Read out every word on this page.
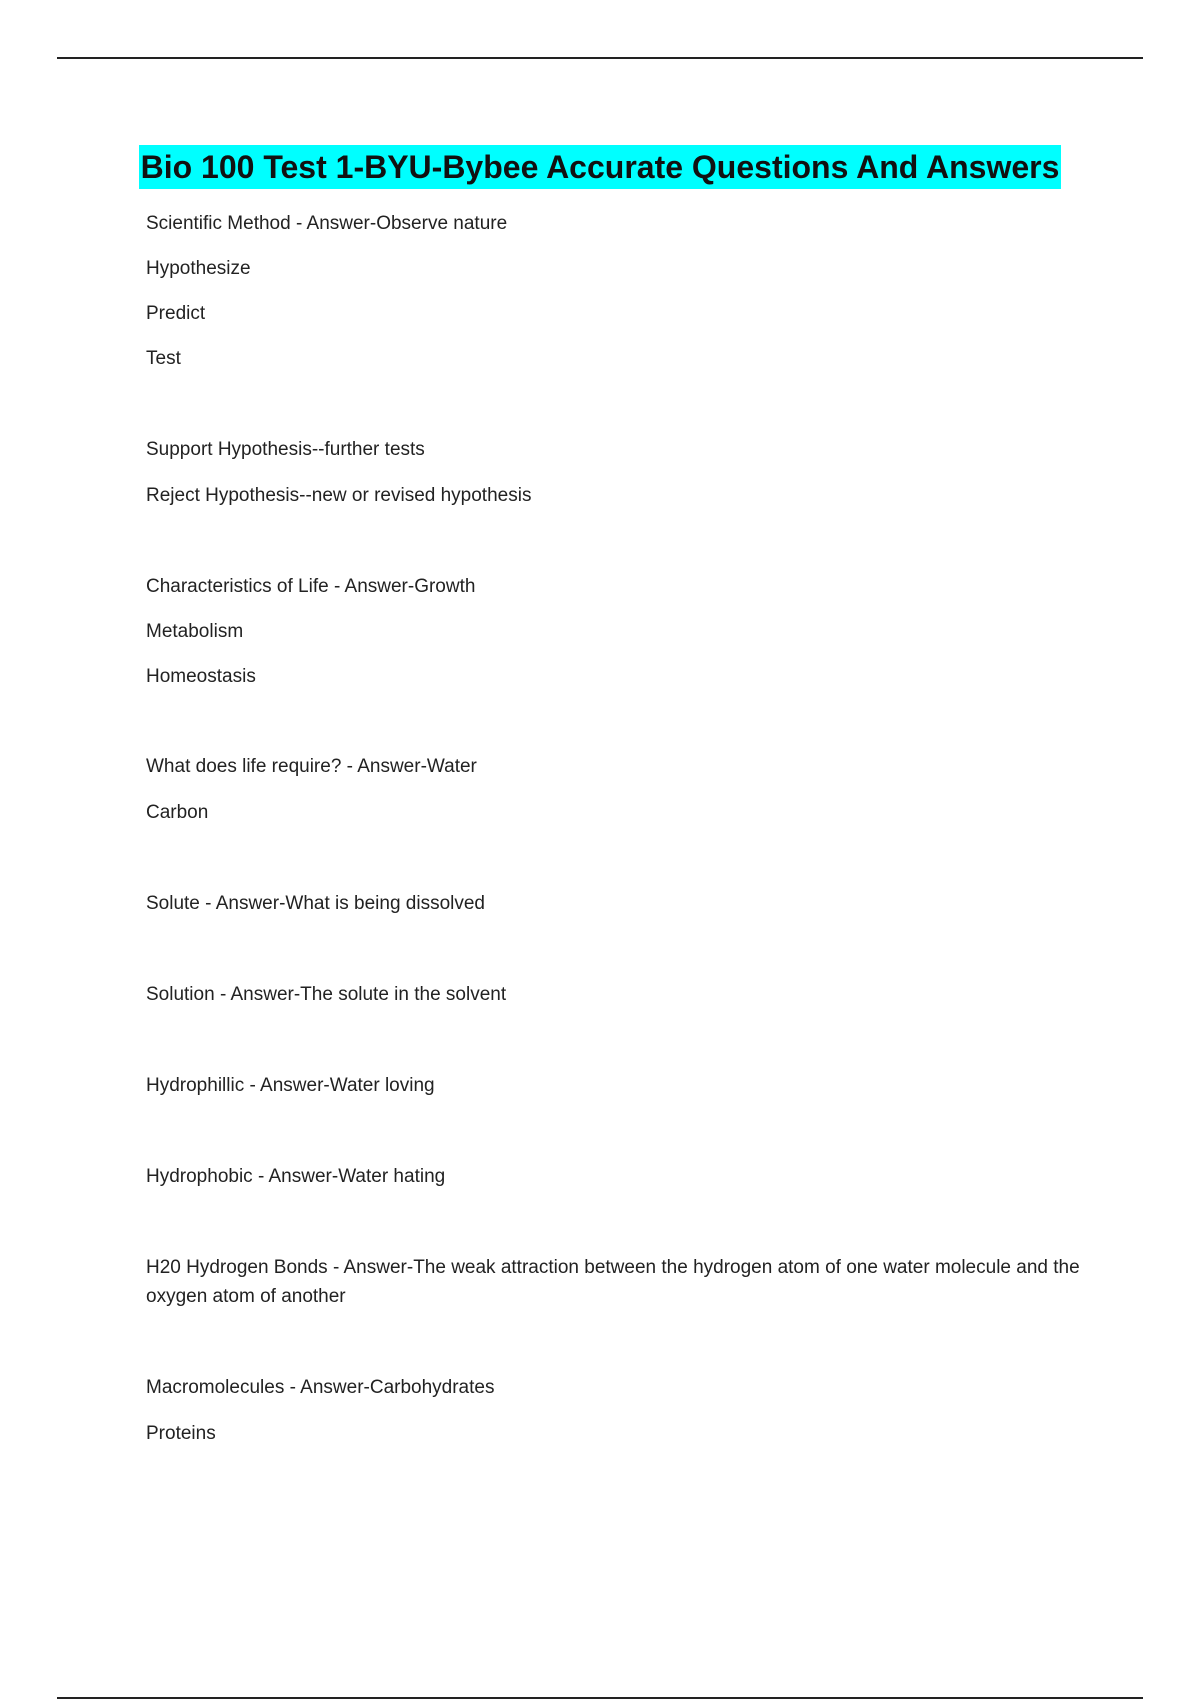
Bio 100 Test 1-BYU-Bybee Accurate Questions And Answers
Scientific Method - Answer-Observe nature
Hypothesize
Predict
Test
Support Hypothesis--further tests
Reject Hypothesis--new or revised hypothesis
Characteristics of Life - Answer-Growth
Metabolism
Homeostasis
What does life require? - Answer-Water
Carbon
Solute - Answer-What is being dissolved
Solution - Answer-The solute in the solvent
Hydrophillic - Answer-Water loving
Hydrophobic - Answer-Water hating
H20 Hydrogen Bonds - Answer-The weak attraction between the hydrogen atom of one water molecule and the oxygen atom of another
Macromolecules - Answer-Carbohydrates
Proteins
